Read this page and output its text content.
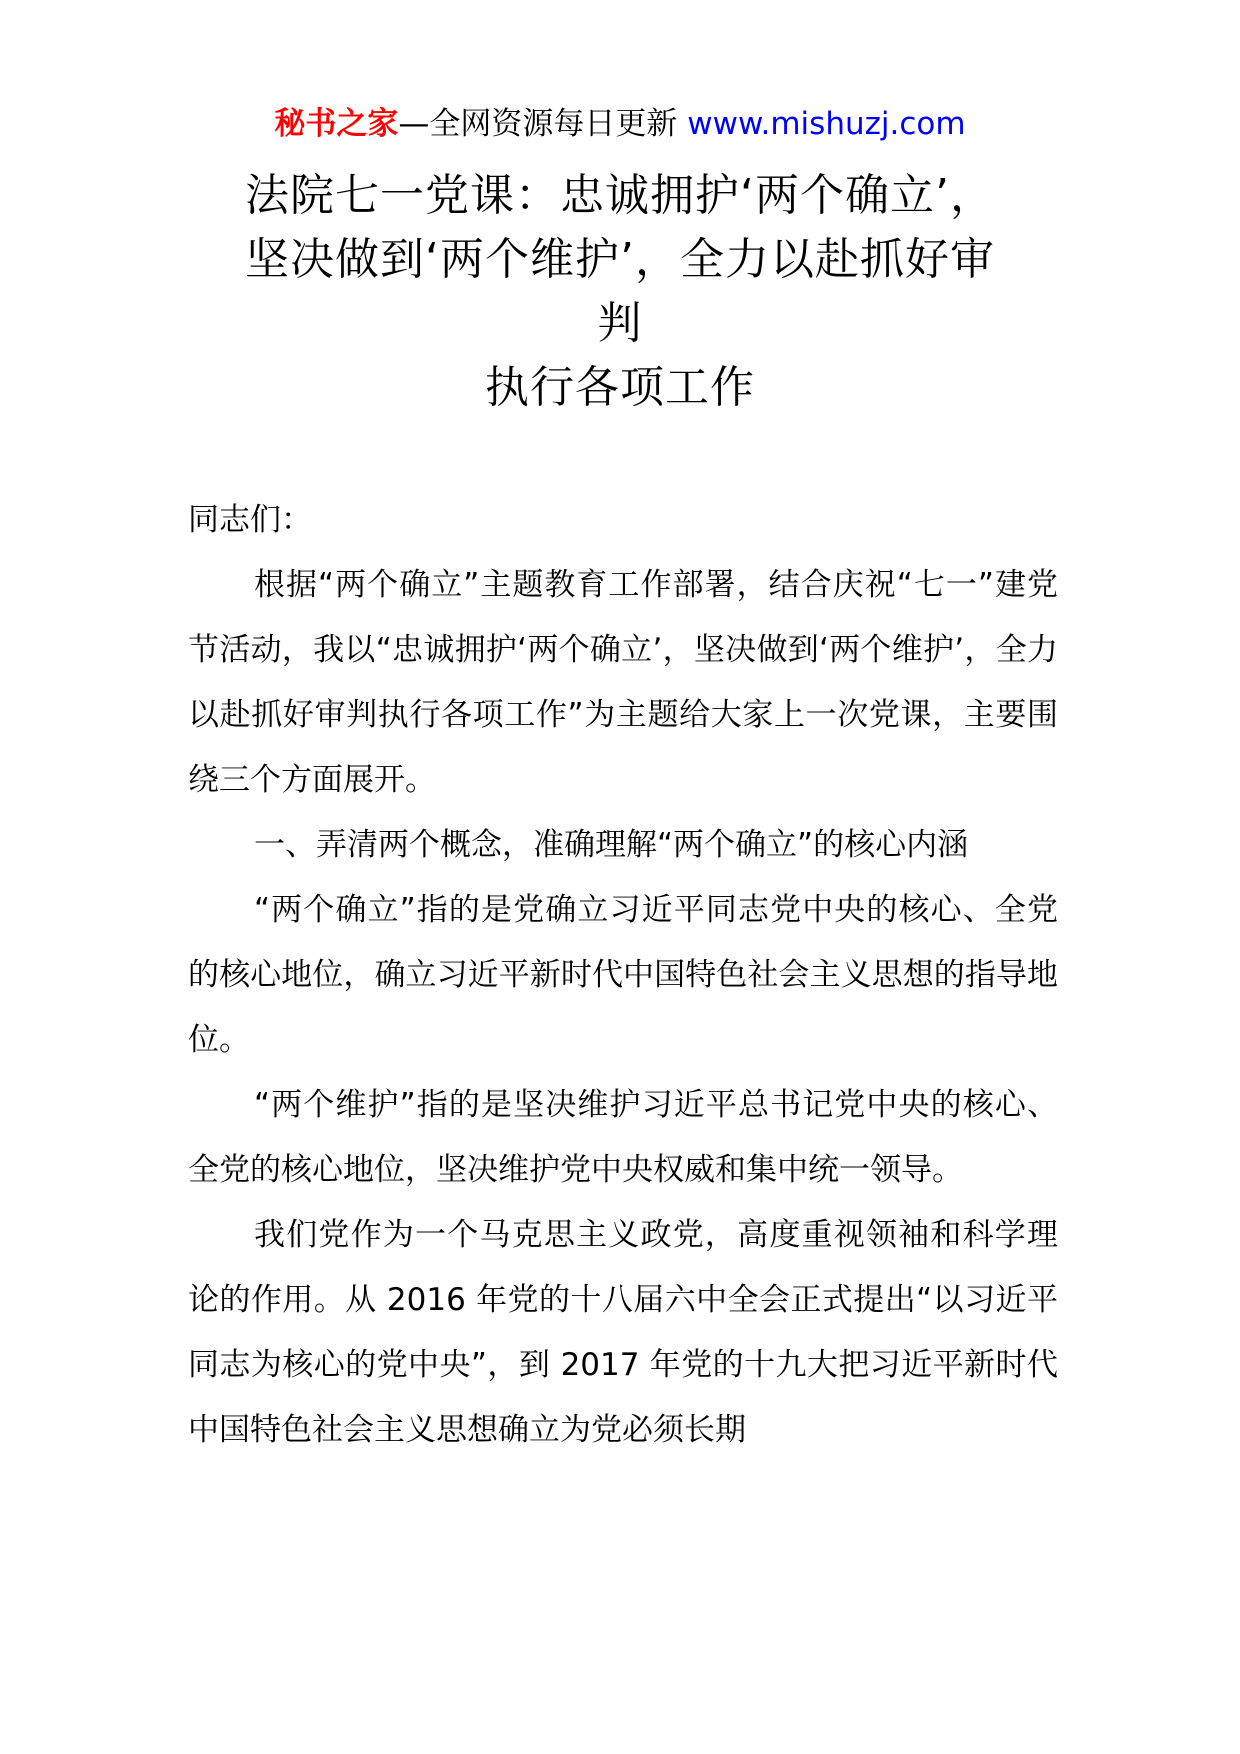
秘书之家—全网资源每日更新 www.mishuzj.com
法院七一党课：忠诚拥护‘两个确立’，
坚决做到‘两个维护’，全力以赴抓好审
判
执行各项工作

同志们：

根据“两个确立”主题教育工作部署，结合庆祝“七一”建党节活动，我以“忠诚拥护‘两个确立’，坚决做到‘两个维护’，全力以赴抓好审判执行各项工作”为主题给大家上一次党课，主要围绕三个方面展开。

一、弄清两个概念，准确理解“两个确立”的核心内涵

“两个确立”指的是党确立习近平同志党中央的核心、全党的核心地位，确立习近平新时代中国特色社会主义思想的指导地位。

“两个维护”指的是坚决维护习近平总书记党中央的核心、全党的核心地位，坚决维护党中央权威和集中统一领导。

我们党作为一个马克思主义政党，高度重视领袖和科学理论的作用。从 2016 年党的十八届六中全会正式提出“以习近平同志为核心的党中央”，到 2017 年党的十九大把习近平新时代中国特色社会主义思想确立为党必须长期
